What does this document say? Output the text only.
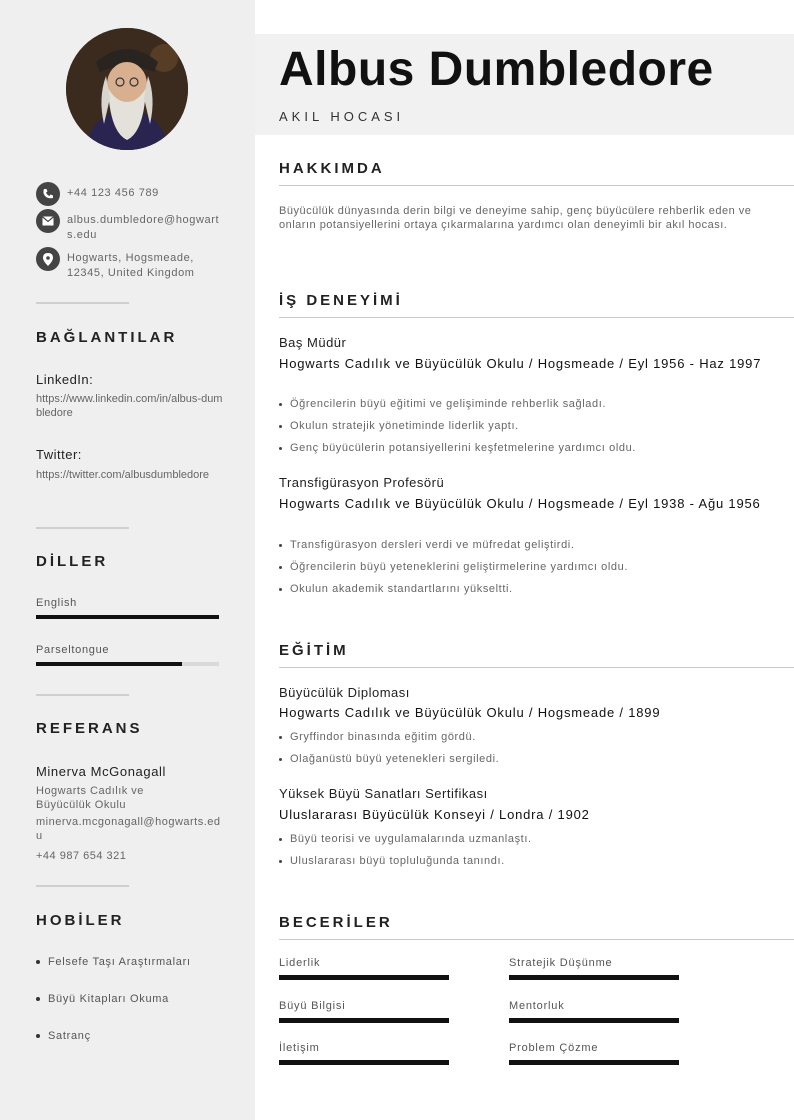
+44 123 456 789
albus.dumbledore@hogwarts.edu
Hogwarts, Hogsmeade, 12345, United Kingdom
BAĞLANTILAR
LinkedIn:
https://www.linkedin.com/in/albus-dumbledore
Twitter:
https://twitter.com/albusdumbledore
DİLLER
English
Parseltongue
REFERANS
Minerva McGonagall
Hogwarts Cadılık ve Büyücülük Okulu
minerva.mcgonagall@hogwarts.edu
+44 987 654 321
HOBİLER
Felsefe Taşı Araştırmaları
Büyü Kitapları Okuma
Satranç
Albus Dumbledore
AKIL HOCASI
HAKKIMDA
Büyücülük dünyasında derin bilgi ve deneyime sahip, genç büyücülere rehberlik eden ve onların potansiyellerini ortaya çıkarmalarına yardımcı olan deneyimli bir akıl hocası.
İŞ DENEYİMİ
Baş Müdür
Hogwarts Cadılık ve Büyücülük Okulu / Hogsmeade / Eyl 1956 - Haz 1997
Öğrencilerin büyü eğitimi ve gelişiminde rehberlik sağladı.
Okulun stratejik yönetiminde liderlik yaptı.
Genç büyücülerin potansiyellerini keşfetmelerine yardımcı oldu.
Transfigürasyon Profesörü
Hogwarts Cadılık ve Büyücülük Okulu / Hogsmeade / Eyl 1938 - Ağu 1956
Transfigürasyon dersleri verdi ve müfredat geliştirdi.
Öğrencilerin büyü yeteneklerini geliştirmelerine yardımcı oldu.
Okulun akademik standartlarını yükseltti.
EĞİTİM
Büyücülük Diploması
Hogwarts Cadılık ve Büyücülük Okulu / Hogsmeade / 1899
Gryffindor binasında eğitim gördü.
Olağanüstü büyü yetenekleri sergiledi.
Yüksek Büyü Sanatları Sertifikası
Uluslararası Büyücülük Konseyi / Londra / 1902
Büyü teorisi ve uygulamalarında uzmanlaştı.
Uluslararası büyü topluluğunda tanındı.
BECERİLER
Liderlik	Stratejik Düşünme
Büyü Bilgisi	Mentorluk
İletişim	Problem Çözme
